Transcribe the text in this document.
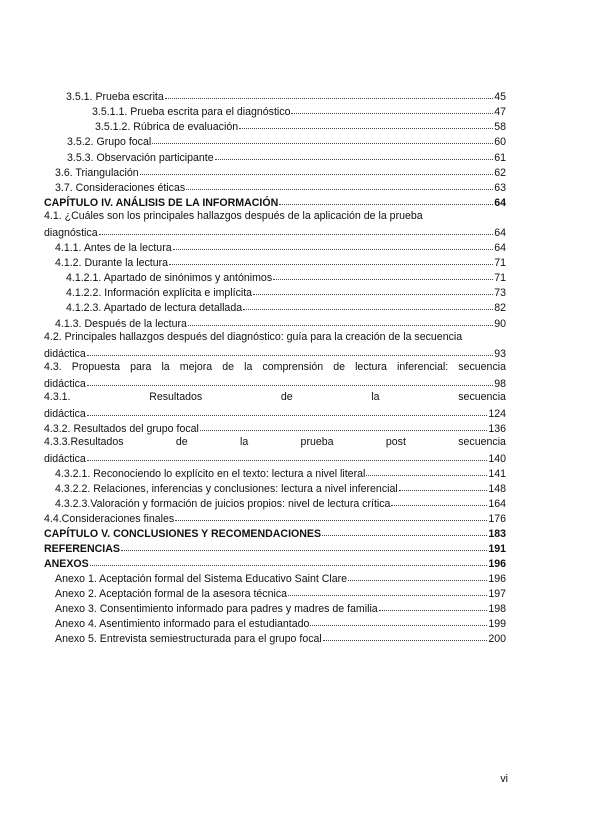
3.5.1. Prueba escrita	45
3.5.1.1. Prueba escrita para el diagnóstico	47
3.5.1.2. Rúbrica de evaluación	58
3.5.2. Grupo focal	60
3.5.3. Observación participante	61
3.6. Triangulación	62
3.7. Consideraciones éticas	63
CAPÍTULO IV. ANÁLISIS DE LA INFORMACIÓN	64
4.1. ¿Cuáles son los principales hallazgos después de la aplicación de la prueba
diagnóstica	64
4.1.1. Antes de la lectura	64
4.1.2. Durante la lectura	71
4.1.2.1. Apartado de sinónimos y antónimos	71
4.1.2.2. Información explícita e implícita	73
4.1.2.3. Apartado de lectura detallada	82
4.1.3. Después de la lectura	90
4.2. Principales hallazgos después del diagnóstico: guía para la creación de la secuencia
didáctica	93
4.3. Propuesta para la mejora de la comprensión de lectura inferencial: secuencia
didáctica	98
4.3.1.	Resultados	de	la	secuencia
didáctica	124
4.3.2. Resultados del grupo focal	136
4.3.3.Resultados	de	la	prueba	post	secuencia
didáctica	140
4.3.2.1. Reconociendo lo explícito en el texto: lectura a nivel literal	141
4.3.2.2. Relaciones, inferencias y conclusiones: lectura a nivel inferencial	148
4.3.2.3.Valoración y formación de juicios propios: nivel de lectura crítica	164
4.4.Consideraciones finales	176
CAPÍTULO V. CONCLUSIONES Y RECOMENDACIONES	183
REFERENCIAS	191
ANEXOS	196
Anexo 1. Aceptación formal del Sistema Educativo Saint Clare	196
Anexo 2. Aceptación formal de la asesora técnica	197
Anexo 3. Consentimiento informado para padres y madres de familia	198
Anexo 4. Asentimiento informado para el estudiantado	199
Anexo 5. Entrevista semiestructurada para el grupo focal	200
vi
